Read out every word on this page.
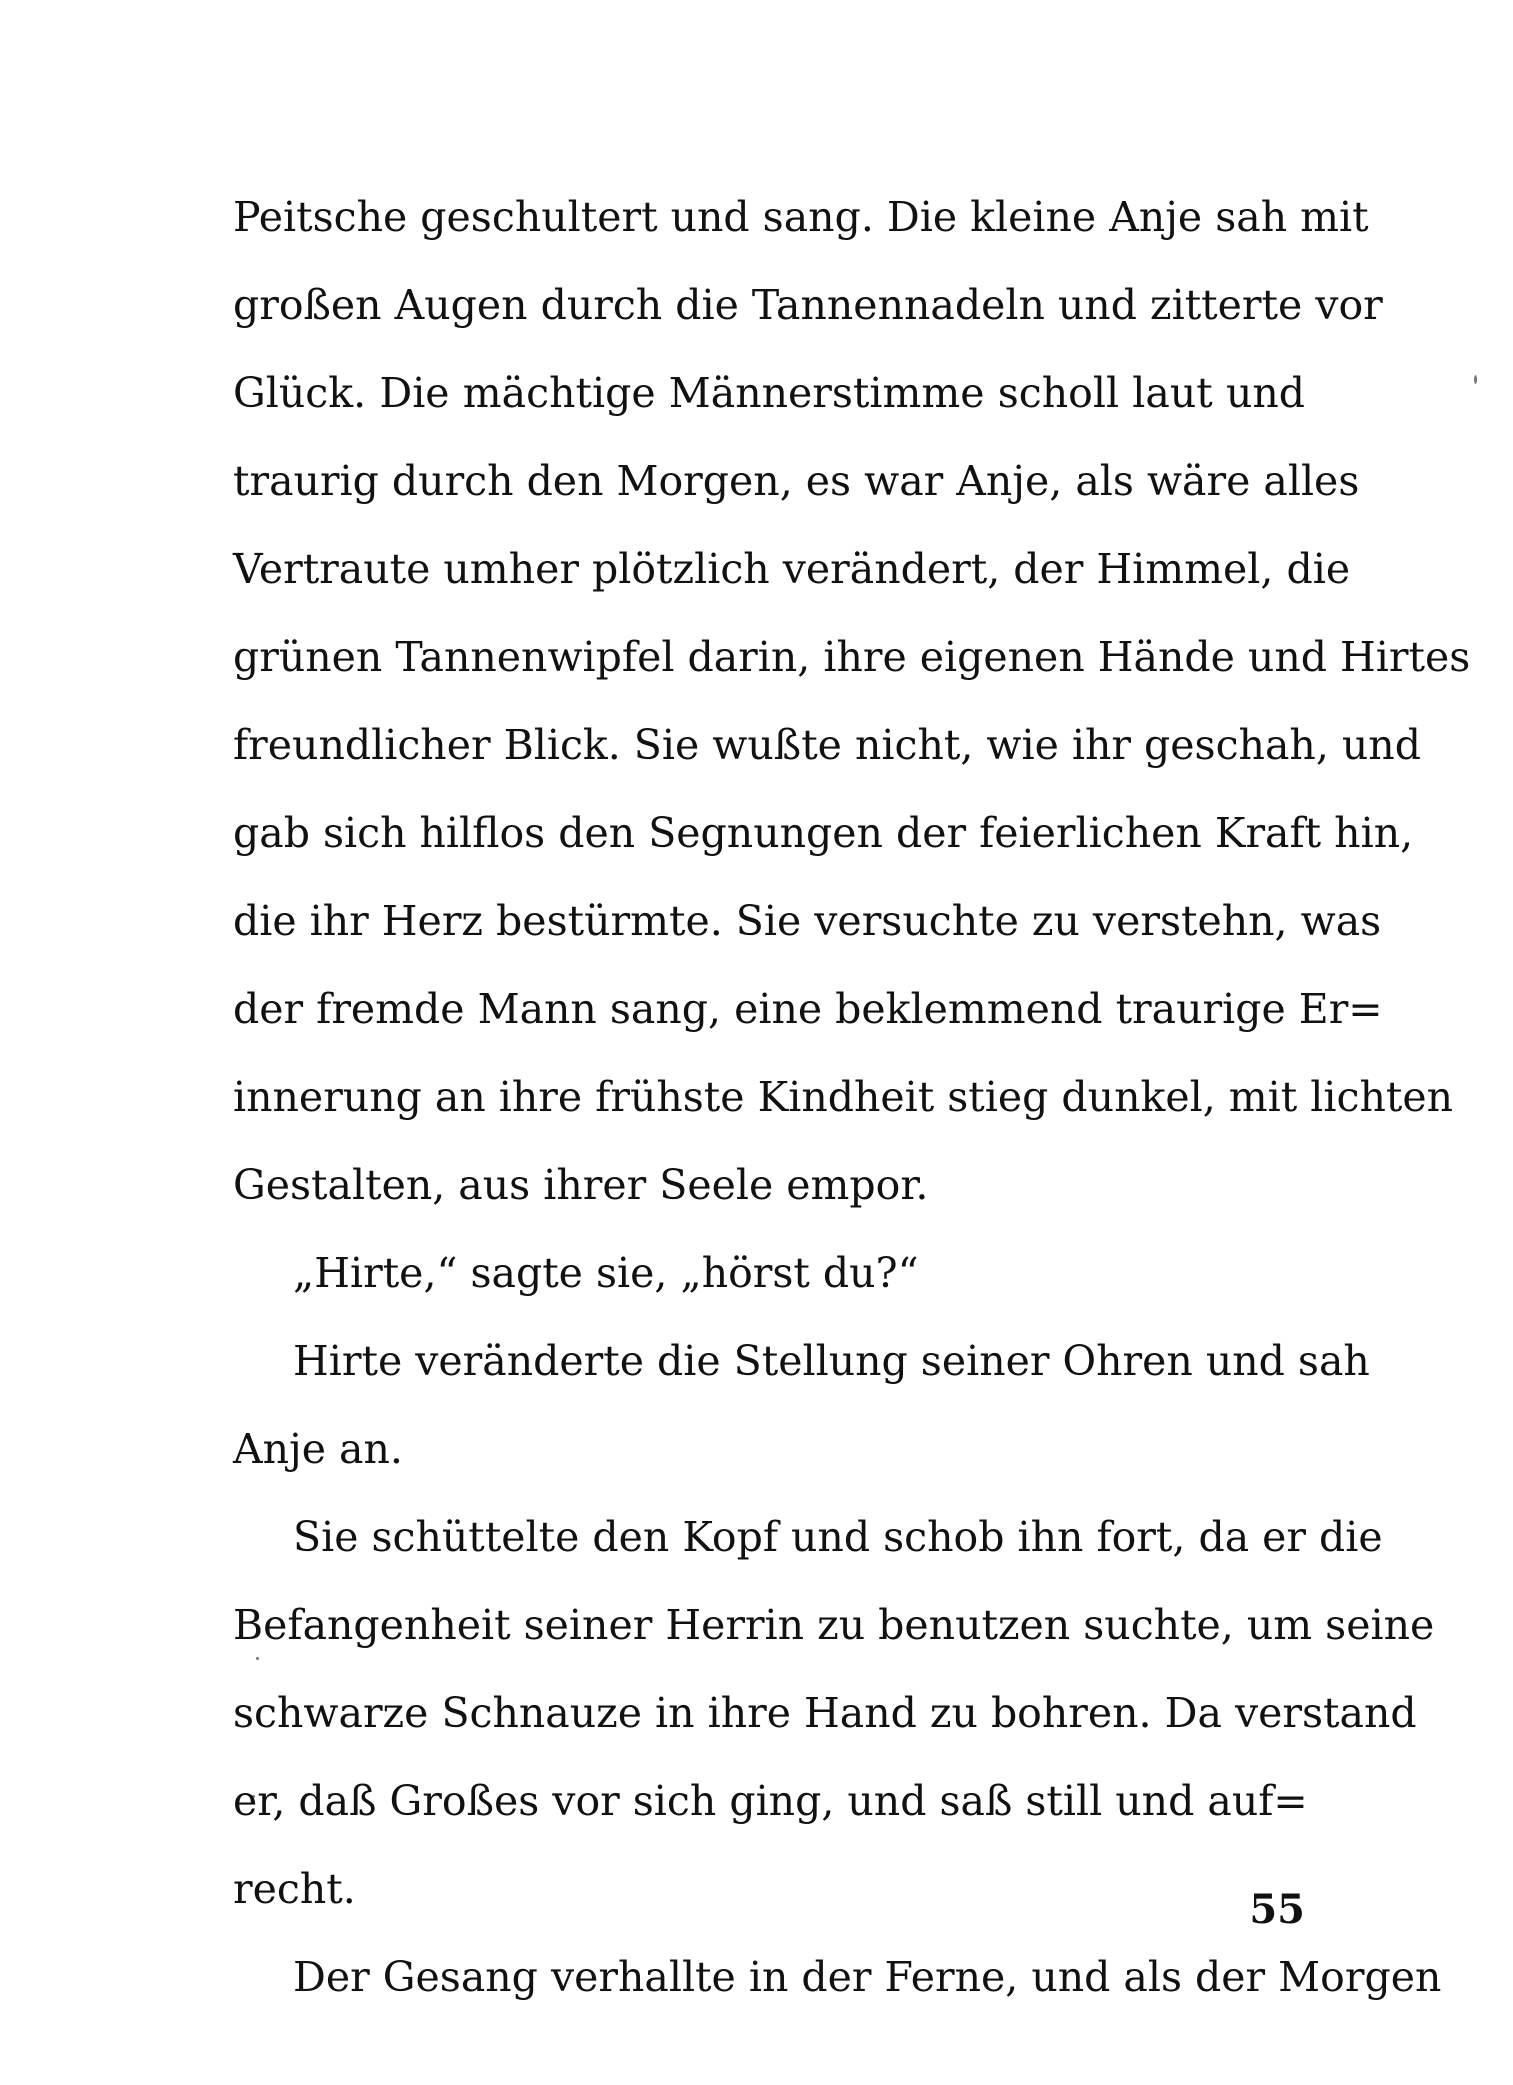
Peitsche geschultert und sang. Die kleine Anje sah mit
großen Augen durch die Tannennadeln und zitterte vor
Glück. Die mächtige Männerstimme scholl laut und
traurig durch den Morgen, es war Anje, als wäre alles
Vertraute umher plötzlich verändert, der Himmel, die
grünen Tannenwipfel darin, ihre eigenen Hände und Hirtes
freundlicher Blick. Sie wußte nicht, wie ihr geschah, und
gab sich hilflos den Segnungen der feierlichen Kraft hin,
die ihr Herz bestürmte. Sie versuchte zu verstehn, was
der fremde Mann sang, eine beklemmend traurige Er=
innerung an ihre frühste Kindheit stieg dunkel, mit lichten
Gestalten, aus ihrer Seele empor.
„Hirte,“ sagte sie, „hörst du?“
Hirte veränderte die Stellung seiner Ohren und sah
Anje an.
Sie schüttelte den Kopf und schob ihn fort, da er die
Befangenheit seiner Herrin zu benutzen suchte, um seine
schwarze Schnauze in ihre Hand zu bohren. Da verstand
er, daß Großes vor sich ging, und saß still und auf=
recht.
Der Gesang verhallte in der Ferne, und als der Morgen
55
